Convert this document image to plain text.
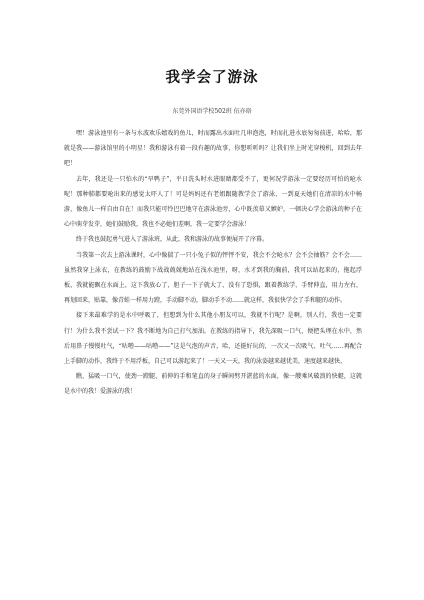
我学会了游泳
东莞外国语学校502班 伍亦珞

嘿！游泳池里有一条与水波欢乐嬉戏的鱼儿，时而露出水面吐几串泡泡，时而扎进水底匆匆前进，哈哈，那就是我——游泳馆里的小明星！我和游泳有着一段有趣的故事，你想听听吗？让我们坐上时光穿梭机，回到去年吧！

去年，我还是一只怕水的“旱鸭子”，平日洗头时水进眼睛都受不了，更何况学游泳一定要经历可怕的呛水呢！那种肺都要呛出来的感觉太吓人了！可是妈妈还有老姐跟随教学会了游泳，一到夏天她们在清凉的水中畅游，像鱼儿一样自由自在！而我只能可怜巴巴地守在游泳池旁，心中既羡慕又嫉妒，一顿决心学会游泳的种子在心中萌芽发芽，她们鼓励我，我也不必她们差啊，我一定要学会游泳！

终于我也鼓起勇气进入了游泳班，从此，我和游泳的故事便展开了序幕。

当我第一次去上游泳课时，心中像揣了一只小兔子似的怦怦不安，我会不会呛水？会不会抽筋？会不会……虽然我穿上泳衣，在教练的鼓励下战战兢兢地站在浅水池里，呀，水才到我的胸前，我可以站起来的，拖起浮板，我就能飘在水面上，这下我放心了，胆子一下子就大了，没有了恐惧，跟着教练学，手臂伸直，用力左右，再划回来，贴靠，像青蛙一样用力蹬，手动脚不动，脚动手不动……就这样，我很快学会了手和腿的动作。

接下来最难学的是水中呼吸了，但想到为什么其他小朋友可以，我就不行呢？是啊，别人行，我也一定要行！为什么我不尝试一下？我不断地为自己打气加油。在教练的指导下，我先深吸一口气，便把头埋在水中，然后用鼻子慢慢吐气，“咕噜——咕噜——”这是气泡的声音，哈，还挺好玩的，一次又一次吸气、吐气……再配合上手脚的动作，我终于不用浮板，自己可以游起来了！一天又一天，我的泳姿越来越优美，速度越来越快。

瞧，猛吸一口气，使劲一蹬腿，前伸的手和笔直的身子瞬间劈开湛蓝的水面，像一艘乘风破浪的快艇，这就是水中的我！爱游泳的我！
